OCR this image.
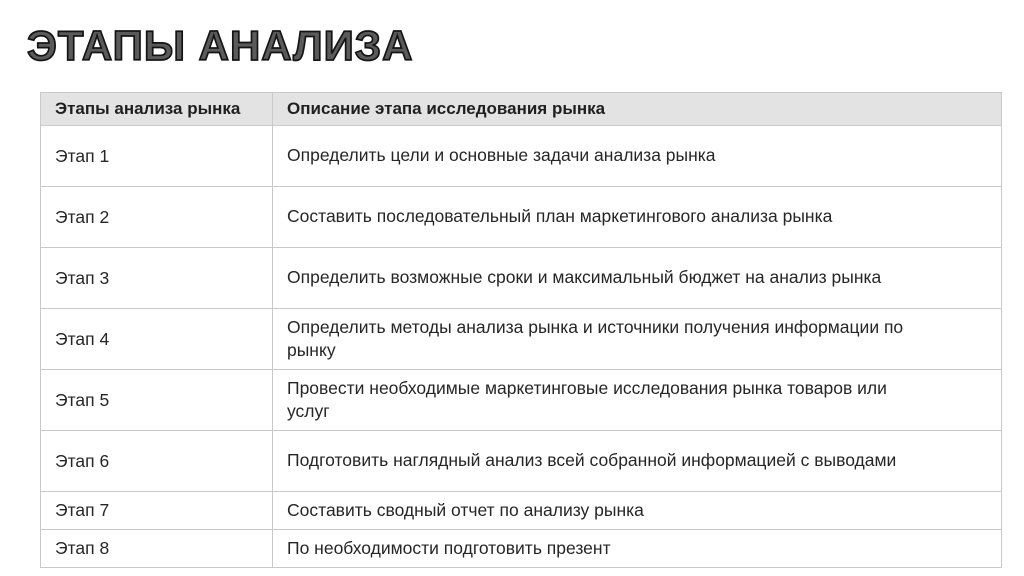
ЭТАПЫ АНАЛИЗА
Этапы анализа рынка	Описание этапа исследования рынка
Этап 1	Определить цели и основные задачи анализа рынка
Этап 2	Составить последовательный план маркетингового анализа рынка
Этап 3	Определить возможные сроки и максимальный бюджет на анализ рынка
Этап 4	Определить методы анализа рынка и источники получения информации по рынку
Этап 5	Провести необходимые маркетинговые исследования рынка товаров или услуг
Этап 6	Подготовить наглядный анализ всей собранной информацией с выводами
Этап 7	Составить сводный отчет по анализу рынка
Этап 8	По необходимости подготовить презент
